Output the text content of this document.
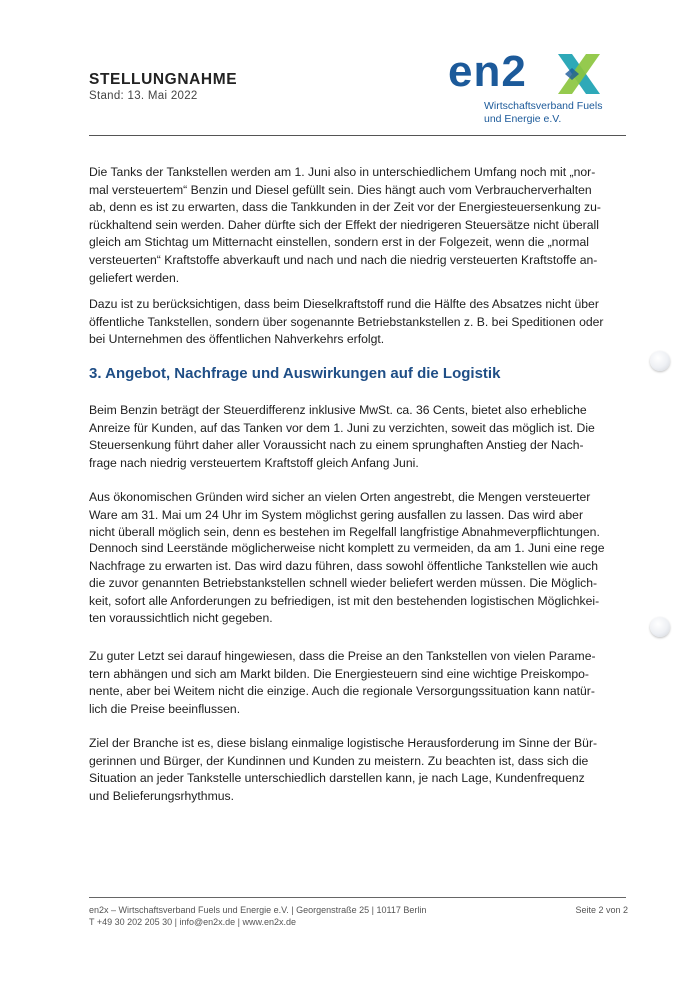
STELLUNGNAHME
Stand: 13. Mai 2022	en2
Wirtschaftsverband Fuels
und Energie e.V.

Die Tanks der Tankstellen werden am 1. Juni also in unterschiedlichem Umfang noch mit „nor-
mal versteuertem“ Benzin und Diesel gefüllt sein. Dies hängt auch vom Verbraucherverhalten
ab, denn es ist zu erwarten, dass die Tankkunden in der Zeit vor der Energiesteuersenkung zu-
rückhaltend sein werden. Daher dürfte sich der Effekt der niedrigeren Steuersätze nicht überall
gleich am Stichtag um Mitternacht einstellen, sondern erst in der Folgezeit, wenn die „normal
versteuerten“ Kraftstoffe abverkauft und nach und nach die niedrig versteuerten Kraftstoffe an-
geliefert werden.

Dazu ist zu berücksichtigen, dass beim Dieselkraftstoff rund die Hälfte des Absatzes nicht über
öffentliche Tankstellen, sondern über sogenannte Betriebstankstellen z. B. bei Speditionen oder
bei Unternehmen des öffentlichen Nahverkehrs erfolgt.

3. Angebot, Nachfrage und Auswirkungen auf die Logistik

Beim Benzin beträgt der Steuerdifferenz inklusive MwSt. ca. 36 Cents, bietet also erhebliche
Anreize für Kunden, auf das Tanken vor dem 1. Juni zu verzichten, soweit das möglich ist. Die
Steuersenkung führt daher aller Voraussicht nach zu einem sprunghaften Anstieg der Nach-
frage nach niedrig versteuertem Kraftstoff gleich Anfang Juni.

Aus ökonomischen Gründen wird sicher an vielen Orten angestrebt, die Mengen versteuerter
Ware am 31. Mai um 24 Uhr im System möglichst gering ausfallen zu lassen. Das wird aber
nicht überall möglich sein, denn es bestehen im Regelfall langfristige Abnahmeverpflichtungen.

Dennoch sind Leerstände möglicherweise nicht komplett zu vermeiden, da am 1. Juni eine rege
Nachfrage zu erwarten ist. Das wird dazu führen, dass sowohl öffentliche Tankstellen wie auch
die zuvor genannten Betriebstankstellen schnell wieder beliefert werden müssen. Die Möglich-
keit, sofort alle Anforderungen zu befriedigen, ist mit den bestehenden logistischen Möglichkei-
ten voraussichtlich nicht gegeben.

Zu guter Letzt sei darauf hingewiesen, dass die Preise an den Tankstellen von vielen Parame-
tern abhängen und sich am Markt bilden. Die Energiesteuern sind eine wichtige Preiskompo-
nente, aber bei Weitem nicht die einzige. Auch die regionale Versorgungssituation kann natür-
lich die Preise beeinflussen.

Ziel der Branche ist es, diese bislang einmalige logistische Herausforderung im Sinne der Bür-
gerinnen und Bürger, der Kundinnen und Kunden zu meistern. Zu beachten ist, dass sich die
Situation an jeder Tankstelle unterschiedlich darstellen kann, je nach Lage, Kundenfrequenz
und Belieferungsrhythmus.

en2x – Wirtschaftsverband Fuels und Energie e.V. | Georgenstraße 25 | 10117 Berlin
T +49 30 202 205 30 | info@en2x.de | www.en2x.de
Seite 2 von 2
